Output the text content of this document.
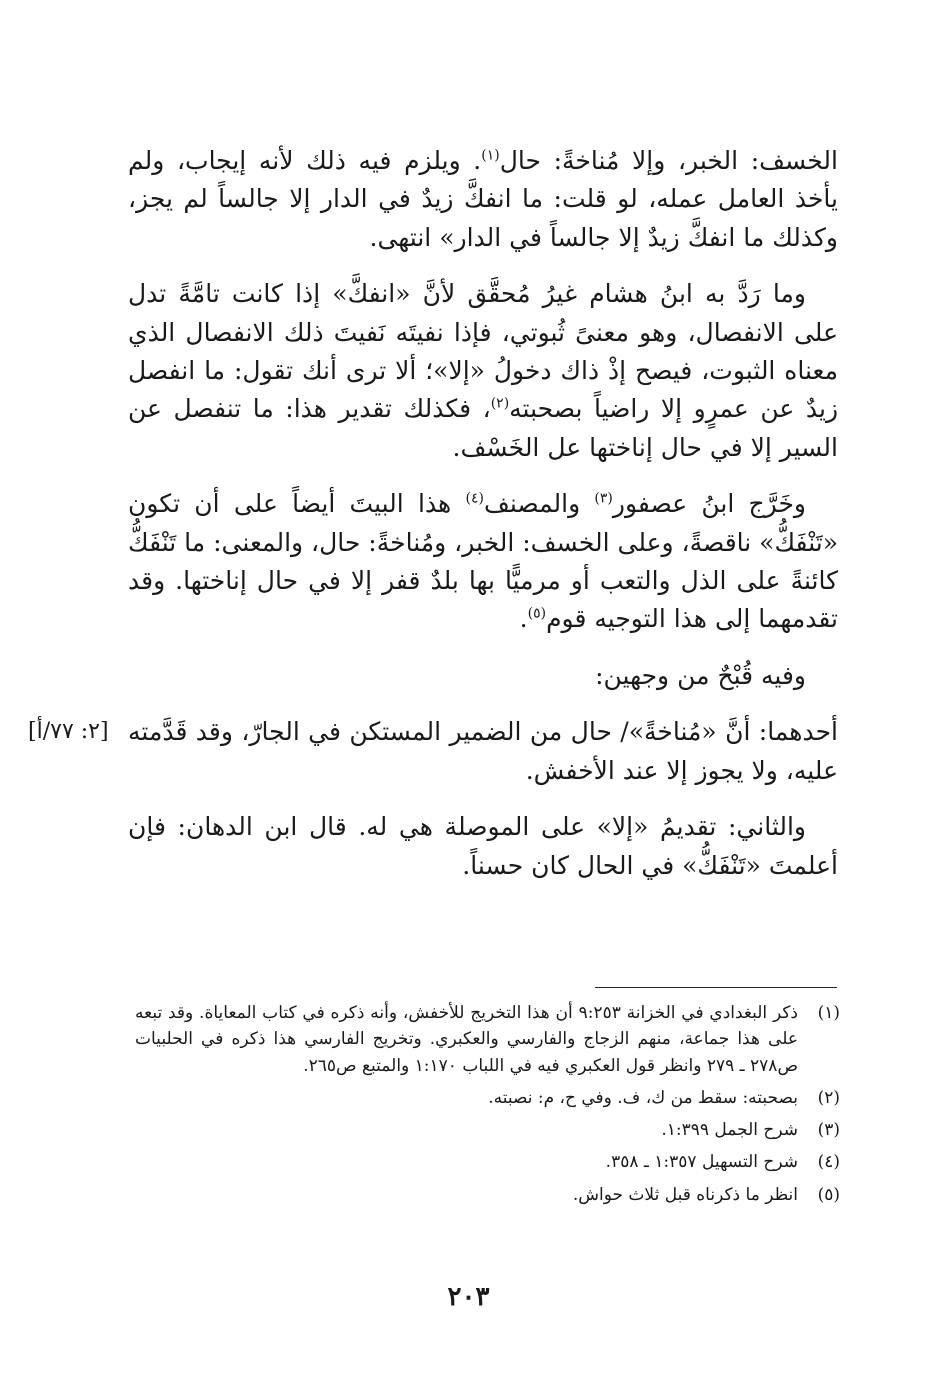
الخسف: الخبر، وإلا مُناخةً: حال$^{(١)}$. ويلزم فيه ذلك لأنه إيجاب، ولم يأخذ العامل عمله، لو قلت: ما انفكَّ زيدٌ في الدار إلا جالساً لم يجز، وكذلك ما انفكَّ زيدٌ إلا جالساً في الدار» انتهى.

وما رَدَّ به ابنُ هشام غيرُ مُحقَّق لأنَّ «انفكَّ» إذا كانت تامَّةً تدل على الانفصال، وهو معنىً ثُبوتي، فإذا نفيتَه نَفيتَ ذلك الانفصال الذي معناه الثبوت، فيصح إذْ ذاك دخولُ «إلا»؛ ألا ترى أنك تقول: ما انفصل زيدٌ عن عمرٍو إلا راضياً بصحبته$^{(٢)}$، فكذلك تقدير هذا: ما تنفصل عن السير إلا في حال إناختها عل الخَسْف.

وخَرَّج ابنُ عصفور$^{(٣)}$ والمصنف$^{(٤)}$ هذا البيتَ أيضاً على أن تكون «تَنْفَكُّ» ناقصةً، وعلى الخسف: الخبر، ومُناخةً: حال، والمعنى: ما تَنْفَكُّ كائنةً على الذل والتعب أو مرميًّا بها بلدٌ قفر إلا في حال إناختها. وقد تقدمهما إلى هذا التوجيه قوم$^{(٥)}$.

وفيه قُبْحٌ من وجهين:

[٢: ٧٧/أ] أحدهما: أنَّ «مُناخةً»/ حال من الضمير المستكن في الجارّ، وقد قَدَّمته عليه، ولا يجوز إلا عند الأخفش.

والثاني: تقديمُ «إلا» على الموصلة هي له. قال ابن الدهان: فإن أعلمتَ «تَنْفَكُّ» في الحال كان حسناً.

(١)
ذكر البغدادي في الخزانة ٩:٢٥٣ أن هذا التخريج للأخفش، وأنه ذكره في كتاب المعاياة. وقد تبعه على هذا جماعة، منهم الزجاج والفارسي والعكبري. وتخريج الفارسي هذا ذكره في الحلبيات ص٢٧٨ ـ ٢٧٩ وانظر قول العكبري فيه في اللباب ١:١٧٠ والمتبع ص٢٦٥.
(٢)
بصحبته: سقط من ك، ف. وفي ح، م: نصبته.
(٣)
شرح الجمل ١:٣٩٩.
(٤)
شرح التسهيل ١:٣٥٧ ـ ٣٥٨.
(٥)
انظر ما ذكرناه قبل ثلاث حواش.
٢٠٣
